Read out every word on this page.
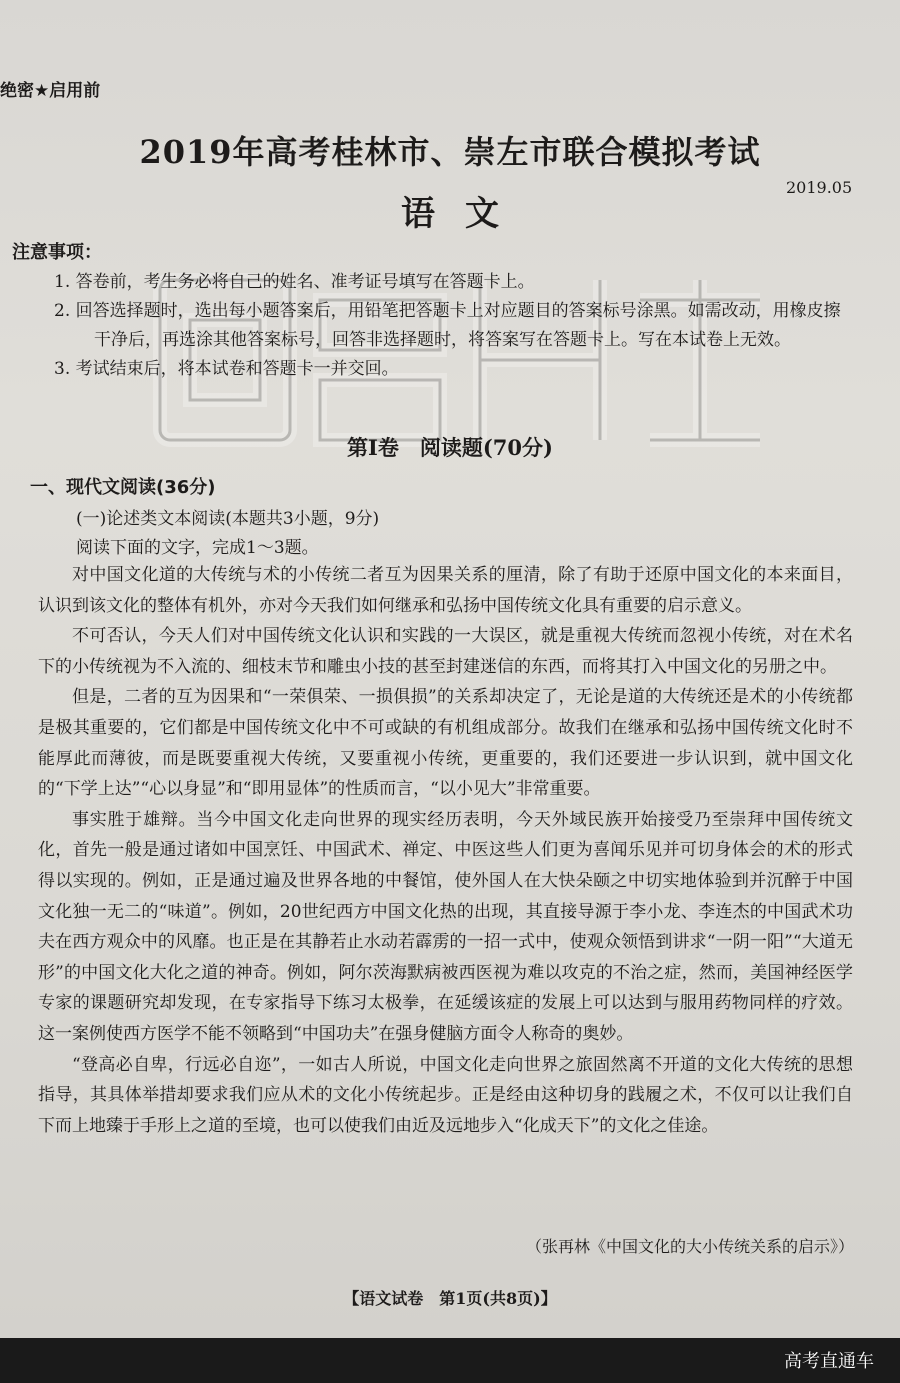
绝密★启用前
2019年高考桂林市、崇左市联合模拟考试
语文
2019.05
注意事项：

1. 答卷前，考生务必将自己的姓名、准考证号填写在答题卡上。

2. 回答选择题时，选出每小题答案后，用铅笔把答题卡上对应题目的答案标号涂黑。如需改动，用橡皮擦干净后，再选涂其他答案标号，回答非选择题时，将答案写在答题卡上。写在本试卷上无效。

3. 考试结束后，将本试卷和答题卡一并交回。

第Ⅰ卷　阅读题(70分)
一、现代文阅读(36分)
(一)论述类文本阅读(本题共3小题，9分)
阅读下面的文字，完成1～3题。

对中国文化道的大传统与术的小传统二者互为因果关系的厘清，除了有助于还原中国文化的本来面目，认识到该文化的整体有机外，亦对今天我们如何继承和弘扬中国传统文化具有重要的启示意义。

不可否认，今天人们对中国传统文化认识和实践的一大误区，就是重视大传统而忽视小传统，对在术名下的小传统视为不入流的、细枝末节和雕虫小技的甚至封建迷信的东西，而将其打入中国文化的另册之中。

但是，二者的互为因果和“一荣俱荣、一损俱损”的关系却决定了，无论是道的大传统还是术的小传统都是极其重要的，它们都是中国传统文化中不可或缺的有机组成部分。故我们在继承和弘扬中国传统文化时不能厚此而薄彼，而是既要重视大传统，又要重视小传统，更重要的，我们还要进一步认识到，就中国文化的“下学上达”“心以身显”和“即用显体”的性质而言，“以小见大”非常重要。

事实胜于雄辩。当今中国文化走向世界的现实经历表明，今天外域民族开始接受乃至崇拜中国传统文化，首先一般是通过诸如中国烹饪、中国武术、禅定、中医这些人们更为喜闻乐见并可切身体会的术的形式得以实现的。例如，正是通过遍及世界各地的中餐馆，使外国人在大快朵颐之中切实地体验到并沉醉于中国文化独一无二的“味道”。例如，20世纪西方中国文化热的出现，其直接导源于李小龙、李连杰的中国武术功夫在西方观众中的风靡。也正是在其静若止水动若霹雳的一招一式中，使观众领悟到讲求“一阴一阳”“大道无形”的中国文化大化之道的神奇。例如，阿尔茨海默病被西医视为难以攻克的不治之症，然而，美国神经医学专家的课题研究却发现，在专家指导下练习太极拳，在延缓该症的发展上可以达到与服用药物同样的疗效。这一案例使西方医学不能不领略到“中国功夫”在强身健脑方面令人称奇的奥妙。

“登高必自卑，行远必自迩”，一如古人所说，中国文化走向世界之旅固然离不开道的文化大传统的思想指导，其具体举措却要求我们应从术的文化小传统起步。正是经由这种切身的践履之术，不仅可以让我们自下而上地臻于手形上之道的至境，也可以使我们由近及远地步入“化成天下”的文化之佳途。

（张再林《中国文化的大小传统关系的启示》）
【语文试卷　第1页(共8页)】
高考直通车
